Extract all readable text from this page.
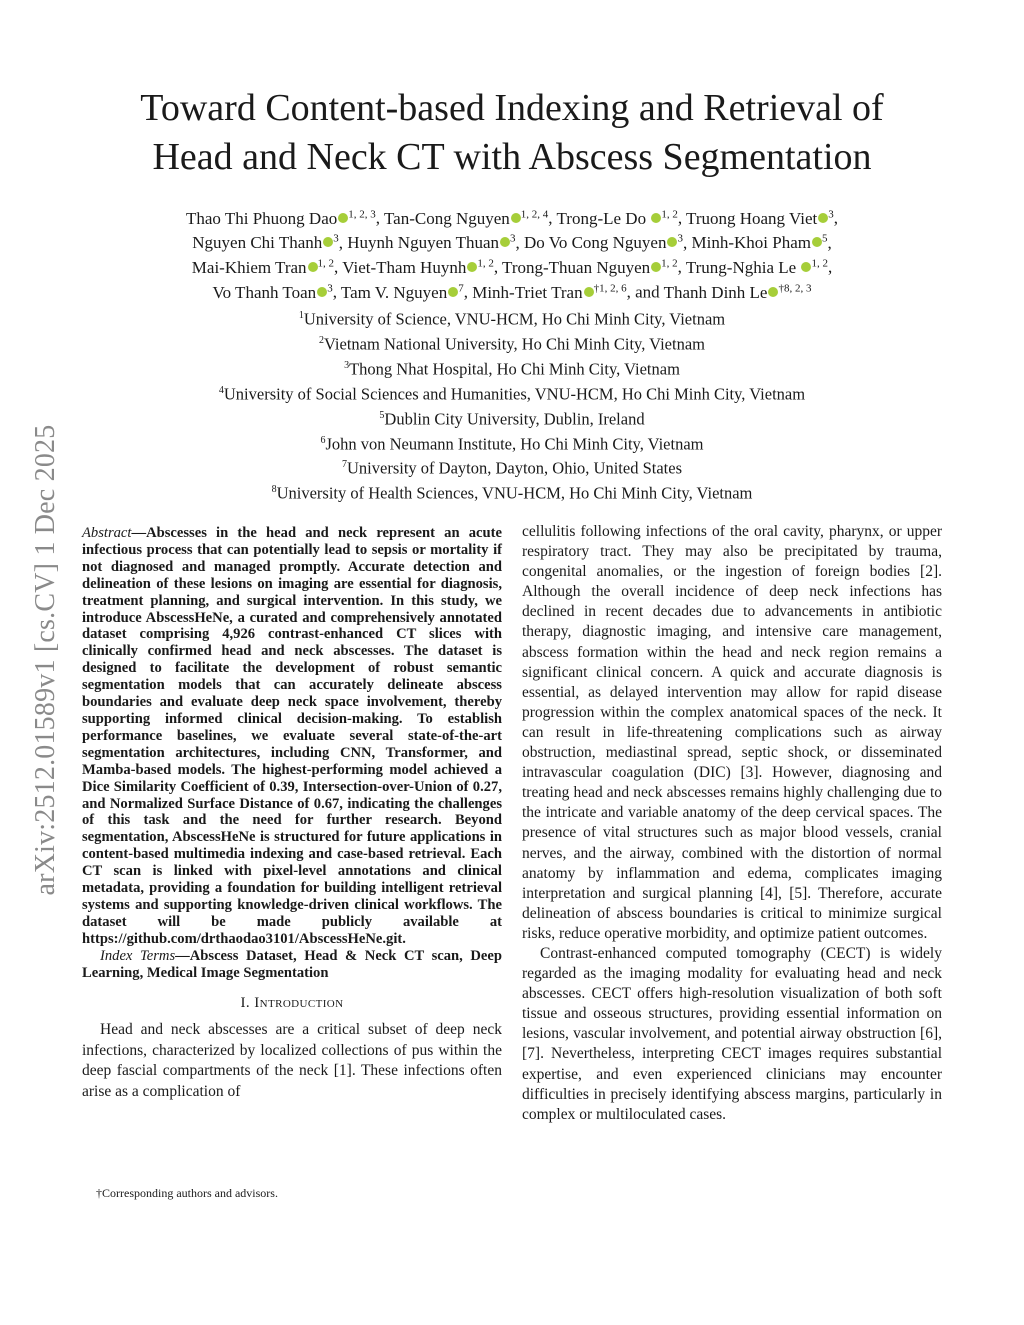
arXiv:2512.01589v1 [cs.CV] 1 Dec 2025
Toward Content-based Indexing and Retrieval of
Head and Neck CT with Abscess Segmentation
Thao Thi Phuong Dao $^{1, 2, 3}$, Tan-Cong Nguyen $^{1, 2, 4}$, Trong-Le Do $^{1, 2}$, Truong Hoang Viet $^3$,
Nguyen Chi Thanh $^3$, Huynh Nguyen Thuan $^3$, Do Vo Cong Nguyen $^3$, Minh-Khoi Pham $^5$,
Mai-Khiem Tran $^{1, 2}$, Viet-Tham Huynh $^{1, 2}$, Trong-Thuan Nguyen $^{1, 2}$, Trung-Nghia Le $^{1, 2}$,
Vo Thanh Toan $^3$, Tam V. Nguyen $^7$, Minh-Triet Tran $^{\dagger 1, 2, 6}$, and Thanh Dinh Le $^{\dagger 8, 2, 3}$
$^1$University of Science, VNU-HCM, Ho Chi Minh City, Vietnam
$^2$Vietnam National University, Ho Chi Minh City, Vietnam
$^3$Thong Nhat Hospital, Ho Chi Minh City, Vietnam
$^4$University of Social Sciences and Humanities, VNU-HCM, Ho Chi Minh City, Vietnam
$^5$Dublin City University, Dublin, Ireland
$^6$John von Neumann Institute, Ho Chi Minh City, Vietnam
$^7$University of Dayton, Dayton, Ohio, United States
$^8$University of Health Sciences, VNU-HCM, Ho Chi Minh City, Vietnam

Abstract—Abscesses in the head and neck represent an acute infectious process that can potentially lead to sepsis or mortality if not diagnosed and managed promptly. Accurate detection and delineation of these lesions on imaging are essential for diagnosis, treatment planning, and surgical intervention. In this study, we introduce AbscessHeNe, a curated and comprehensively annotated dataset comprising 4,926 contrast-enhanced CT slices with clinically confirmed head and neck abscesses. The dataset is designed to facilitate the development of robust semantic segmentation models that can accurately delineate abscess boundaries and evaluate deep neck space involvement, thereby supporting informed clinical decision-making. To establish performance baselines, we evaluate several state-of-the-art segmentation architectures, including CNN, Transformer, and Mamba-based models. The highest-performing model achieved a Dice Similarity Coefficient of 0.39, Intersection-over-Union of 0.27, and Normalized Surface Distance of 0.67, indicating the challenges of this task and the need for further research. Beyond segmentation, AbscessHeNe is structured for future applications in content-based multimedia indexing and case-based retrieval. Each CT scan is linked with pixel-level annotations and clinical metadata, providing a foundation for building intelligent retrieval systems and supporting knowledge-driven clinical workflows. The dataset will be made publicly available at https://github.com/drthaodao3101/AbscessHeNe.git.

Index Terms—Abscess Dataset, Head & Neck CT scan, Deep Learning, Medical Image Segmentation

I. Introduction

Head and neck abscesses are a critical subset of deep neck infections, characterized by localized collections of pus within the deep fascial compartments of the neck [1]. These infections often arise as a complication of

†Corresponding authors and advisors.

cellulitis following infections of the oral cavity, pharynx, or upper respiratory tract. They may also be precipitated by trauma, congenital anomalies, or the ingestion of foreign bodies [2]. Although the overall incidence of deep neck infections has declined in recent decades due to advancements in antibiotic therapy, diagnostic imaging, and intensive care management, abscess formation within the head and neck region remains a significant clinical concern. A quick and accurate diagnosis is essential, as delayed intervention may allow for rapid disease progression within the complex anatomical spaces of the neck. It can result in life-threatening complications such as airway obstruction, mediastinal spread, septic shock, or disseminated intravascular coagulation (DIC) [3]. However, diagnosing and treating head and neck abscesses remains highly challenging due to the intricate and variable anatomy of the deep cervical spaces. The presence of vital structures such as major blood vessels, cranial nerves, and the airway, combined with the distortion of normal anatomy by inflammation and edema, complicates imaging interpretation and surgical planning [4], [5]. Therefore, accurate delineation of abscess boundaries is critical to minimize surgical risks, reduce operative morbidity, and optimize patient outcomes.

Contrast-enhanced computed tomography (CECT) is widely regarded as the imaging modality for evaluating head and neck abscesses. CECT offers high-resolution visualization of both soft tissue and osseous structures, providing essential information on lesions, vascular involvement, and potential airway obstruction [6], [7]. Nevertheless, interpreting CECT images requires substantial expertise, and even experienced clinicians may encounter difficulties in precisely identifying abscess margins, particularly in complex or multiloculated cases.
